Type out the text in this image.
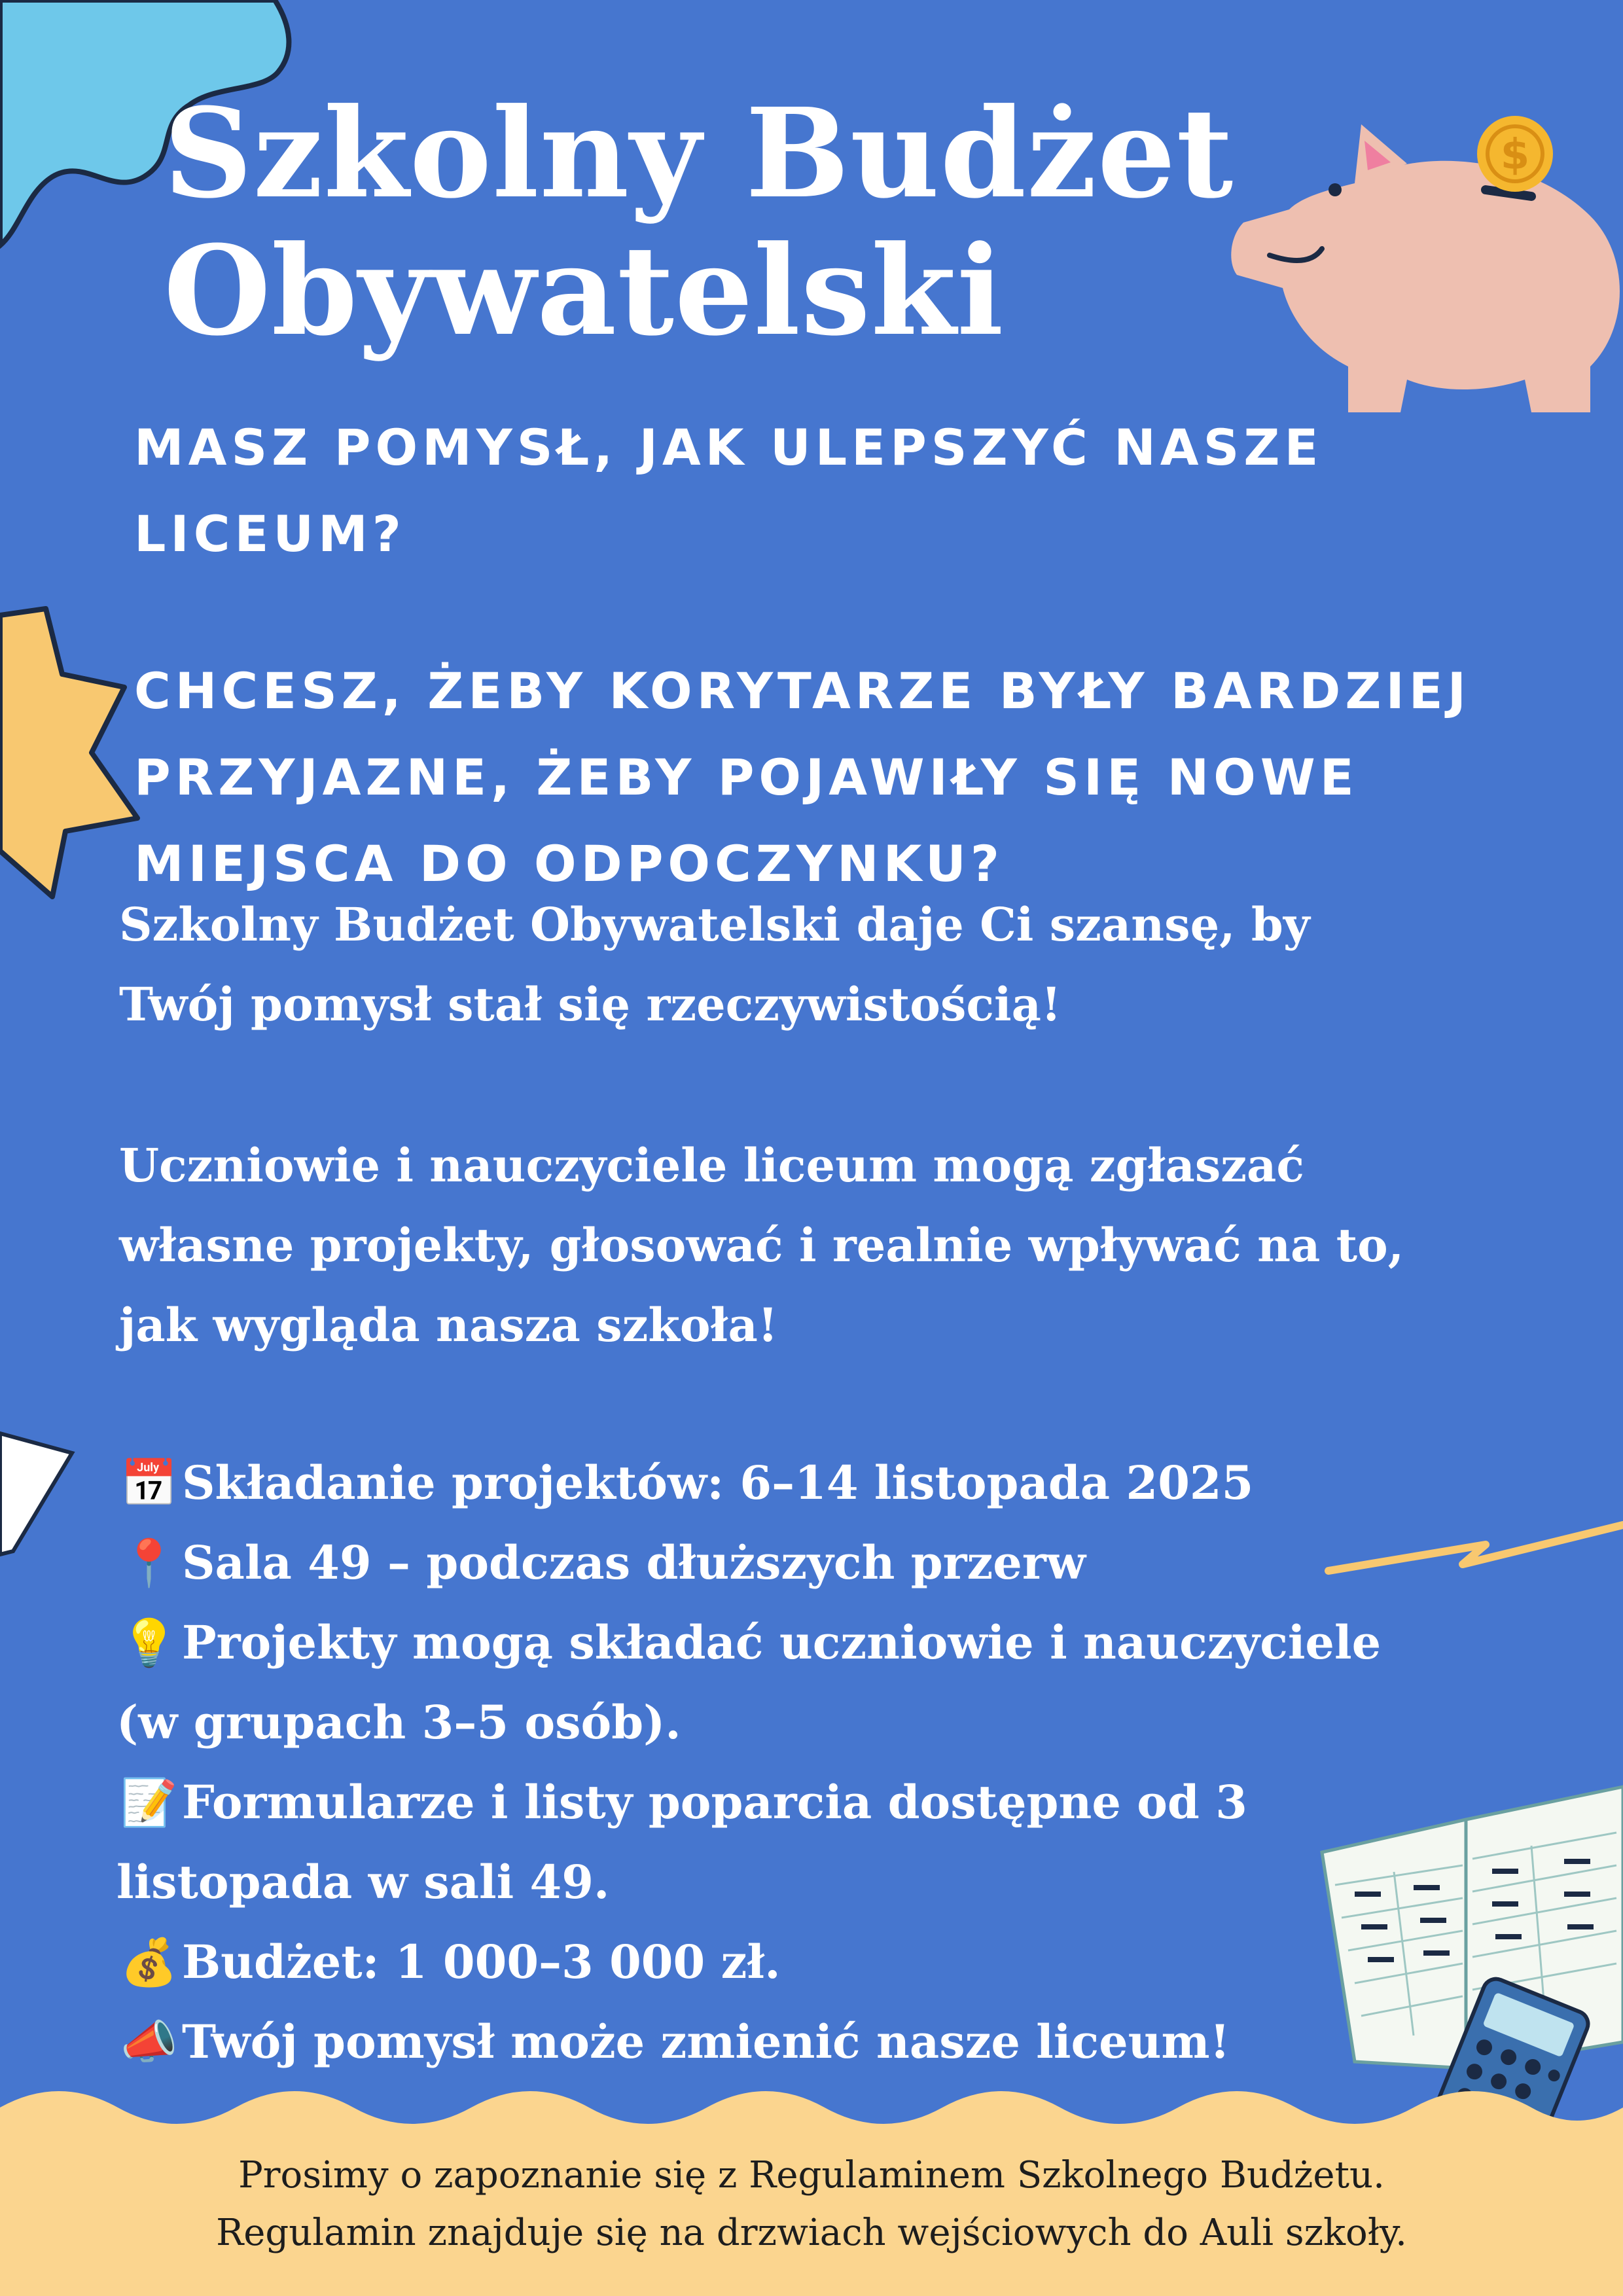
$
Szkolny Budżet
Obywatelski
MASZ POMYSŁ, JAK ULEPSZYĆ NASZE
LICEUM?
CHCESZ, ŻEBY KORYTARZE BYŁY BARDZIEJ
PRZYJAZNE, ŻEBY POJAWIŁY SIĘ NOWE
MIEJSCA DO ODPOCZYNKU?

Szkolny Budżet Obywatelski daje Ci szansę, by
Twój pomysł stał się rzeczywistością!

Uczniowie i nauczyciele liceum mogą zgłaszać
własne projekty, głosować i realnie wpływać na to,
jak wygląda nasza szkoła!

📅Składanie projektów: 6–14 listopada 2025
📍Sala 49 – podczas dłuższych przerw
💡Projekty mogą składać uczniowie i nauczyciele
(w grupach 3–5 osób).
📝Formularze i listy poparcia dostępne od 3
listopada w sali 49.
💰Budżet: 1 000–3 000 zł.
📣Twój pomysł może zmienić nasze liceum!
Prosimy o zapoznanie się z Regulaminem Szkolnego Budżetu.
Regulamin znajduje się na drzwiach wejściowych do Auli szkoły.
